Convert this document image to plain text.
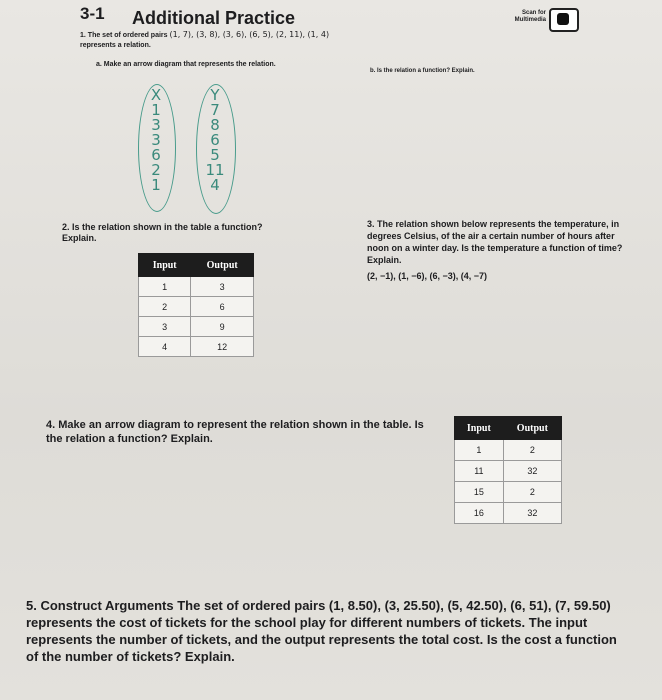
3-1 Additional Practice	Scan for Multimedia
1. The set of ordered pairs (1, 7), (3, 8), (3, 6), (6, 5), (2, 11), (1, 4)
represents a relation.
a. Make an arrow diagram that represents the relation.
b. Is the relation a function? Explain.
X
1
3
3
6
2
1
Y
7
8
6
5
11
4
2. Is the relation shown in the table a function? Explain.
Input	Output
1	3
2	6
3	9
4	12
3. The relation shown below represents the temperature, in degrees Celsius, of the air a certain number of hours after noon on a winter day. Is the temperature a function of time? Explain.
(2, −1), (1, −6), (6, −3), (4, −7)
4. Make an arrow diagram to represent the relation shown in the table. Is the relation a function? Explain.
Input	Output
1	2
11	32
15	2
16	32
5. Construct Arguments The set of ordered pairs (1, 8.50), (3, 25.50), (5, 42.50), (6, 51), (7, 59.50) represents the cost of tickets for the school play for different numbers of tickets. The input represents the number of tickets, and the output represents the total cost. Is the cost a function of the number of tickets? Explain.
